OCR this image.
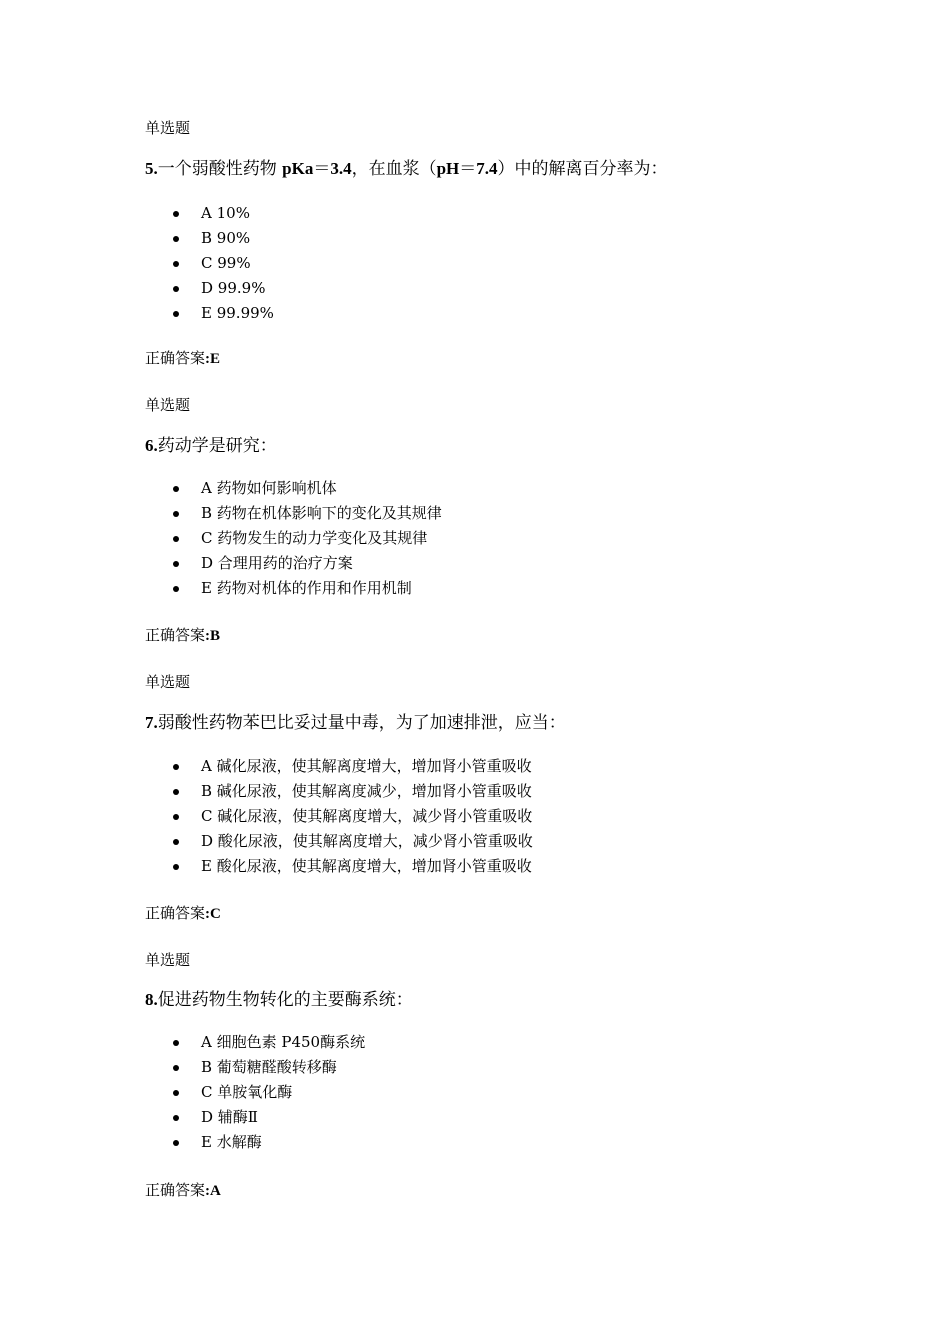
单选题
5.一个弱酸性药物 pKa＝3.4，在血浆（pH＝7.4）中的解离百分率为：
A 10%
B 90%
C 99%
D 99.9%
E 99.99%
正确答案:E
单选题
6.药动学是研究：
A 药物如何影响机体
B 药物在机体影响下的变化及其规律
C 药物发生的动力学变化及其规律
D 合理用药的治疗方案
E 药物对机体的作用和作用机制
正确答案:B
单选题
7.弱酸性药物苯巴比妥过量中毒，为了加速排泄，应当：
A 碱化尿液，使其解离度增大，增加肾小管重吸收
B 碱化尿液，使其解离度减少，增加肾小管重吸收
C 碱化尿液，使其解离度增大，减少肾小管重吸收
D 酸化尿液，使其解离度增大，减少肾小管重吸收
E 酸化尿液，使其解离度增大，增加肾小管重吸收
正确答案:C
单选题
8.促进药物生物转化的主要酶系统：
A 细胞色素 P450酶系统
B 葡萄糖醛酸转移酶
C 单胺氧化酶
D 辅酶Ⅱ
E 水解酶
正确答案:A
